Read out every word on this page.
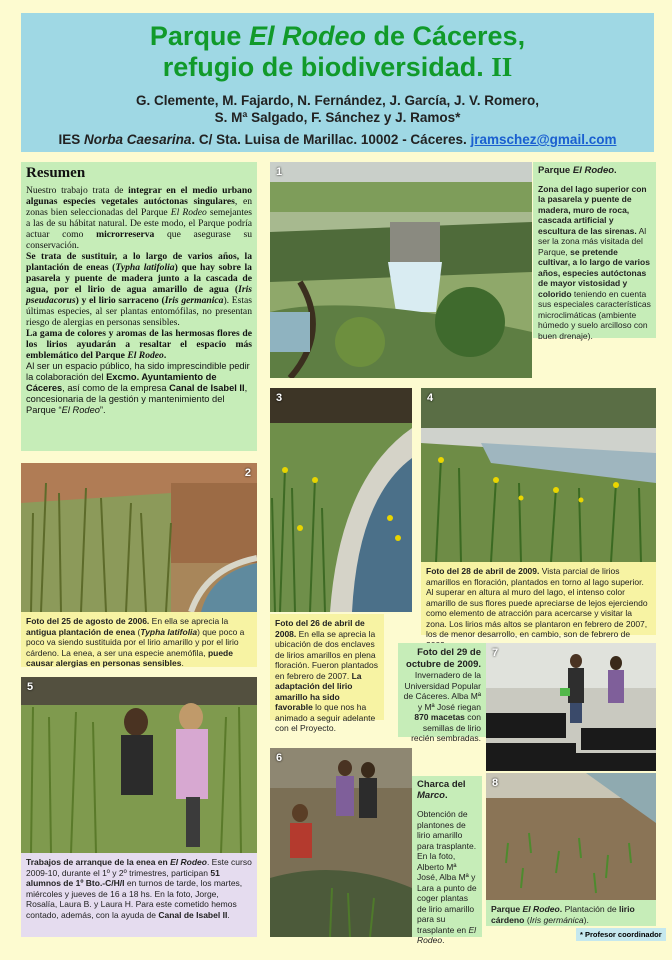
Parque El Rodeo de Cáceres,
refugio de biodiversidad. II
G. Clemente, M. Fajardo, N. Fernández, J. García, J. V. Romero,
S. Mª Salgado, F. Sánchez y J. Ramos*
IES Norba Caesarina. C/ Sta. Luisa de Marillac. 10002 - Cáceres. jramschez@gmail.com
Resumen

Nuestro trabajo trata de integrar en el medio urbano algunas especies vegetales autóctonas singulares, en zonas bien seleccionadas del Parque El Rodeo semejantes a las de su hábitat natural. De este modo, el Parque podría actuar como microrreserva que asegurase su conservación.

Se trata de sustituir, a lo largo de varios años, la plantación de eneas (Typha latifolia) que hay sobre la pasarela y puente de madera junto a la cascada de agua, por el lirio de agua amarillo de agua (Iris pseudacorus) y el lirio sarraceno (Iris germanica). Estas últimas especies, al ser plantas entomófilas, no presentan riesgo de alergias en personas sensibles.

La gama de colores y aromas de las hermosas flores de los lirios ayudarán a resaltar el espacio más emblemático del Parque El Rodeo.

Al ser un espacio público, ha sido imprescindible pedir la colaboración del Excmo. Ayuntamiento de Cáceres, así como de la empresa Canal de Isabel II, concesionaria de la gestión y mantenimiento del Parque “El Rodeo”.

1	Parque El Rodeo.
Zona del lago superior con la pasarela y puente de madera, muro de roca, cascada artificial y escultura de las sirenas. Al ser la zona más visitada del Parque, se pretende cultivar, a lo largo de varios años, especies autóctonas de mayor vistosidad y colorido teniendo en cuenta sus especiales características microclimáticas (ambiente húmedo y suelo arcilloso con buen drenaje).
2
Foto del 25 de agosto de 2006. En ella se aprecia la antigua plantación de enea (Typha latifolia) que poco a poco va siendo sustituida por el lirio amarillo y por el lirio cárdeno. La enea, a ser una especie anemófila, puede causar alergias en personas sensibles.
3
Foto del 26 de abril de 2008. En ella se aprecia la ubicación de dos enclaves de lirios amarillos en plena floración. Fueron plantados en febrero de 2007. La adaptación del lirio amarillo ha sido favorable lo que nos ha animado a seguir adelante con el Proyecto.
4
Foto del 28 de abril de 2009. Vista parcial de lirios amarillos en floración, plantados en torno al lago superior. Al superar en altura al muro del lago, el intenso color amarillo de sus flores puede apreciarse de lejos ejerciendo como elemento de atracción para acercarse y visitar la zona. Los lirios más altos se plantaron en febrero de 2007, los de menor desarrollo, en cambio, son de febrero de
5
Trabajos de arranque de la enea en El Rodeo. Este curso 2009-10, durante el 1º y 2º trimestres, participan 51 alumnos de 1º Bto.-C/H/I en turnos de tarde, los martes, miércoles y jueves de 16 a 18 hs. En la foto, Jorge, Rosalía, Laura B. y Laura H. Para este cometido hemos contado, además, con la ayuda de Canal de Isabel II.
6
Charca del Marco.
Obtención de plantones de lirio amarillo para trasplante. En la foto, Alberto Mª José, Alba Mª y Lara a punto de coger plantas de lirio amarillo para su trasplante en El Rodeo.
Foto del 29 de octubre de 2009. Invernadero de la Universidad Popular de Cáceres. Alba Mª y Mª José riegan 870 macetas con semillas de lirio recién sembradas.
7
8
Parque El Rodeo. Plantación de lirio cárdeno (Iris germánica).
* Profesor coordinador
